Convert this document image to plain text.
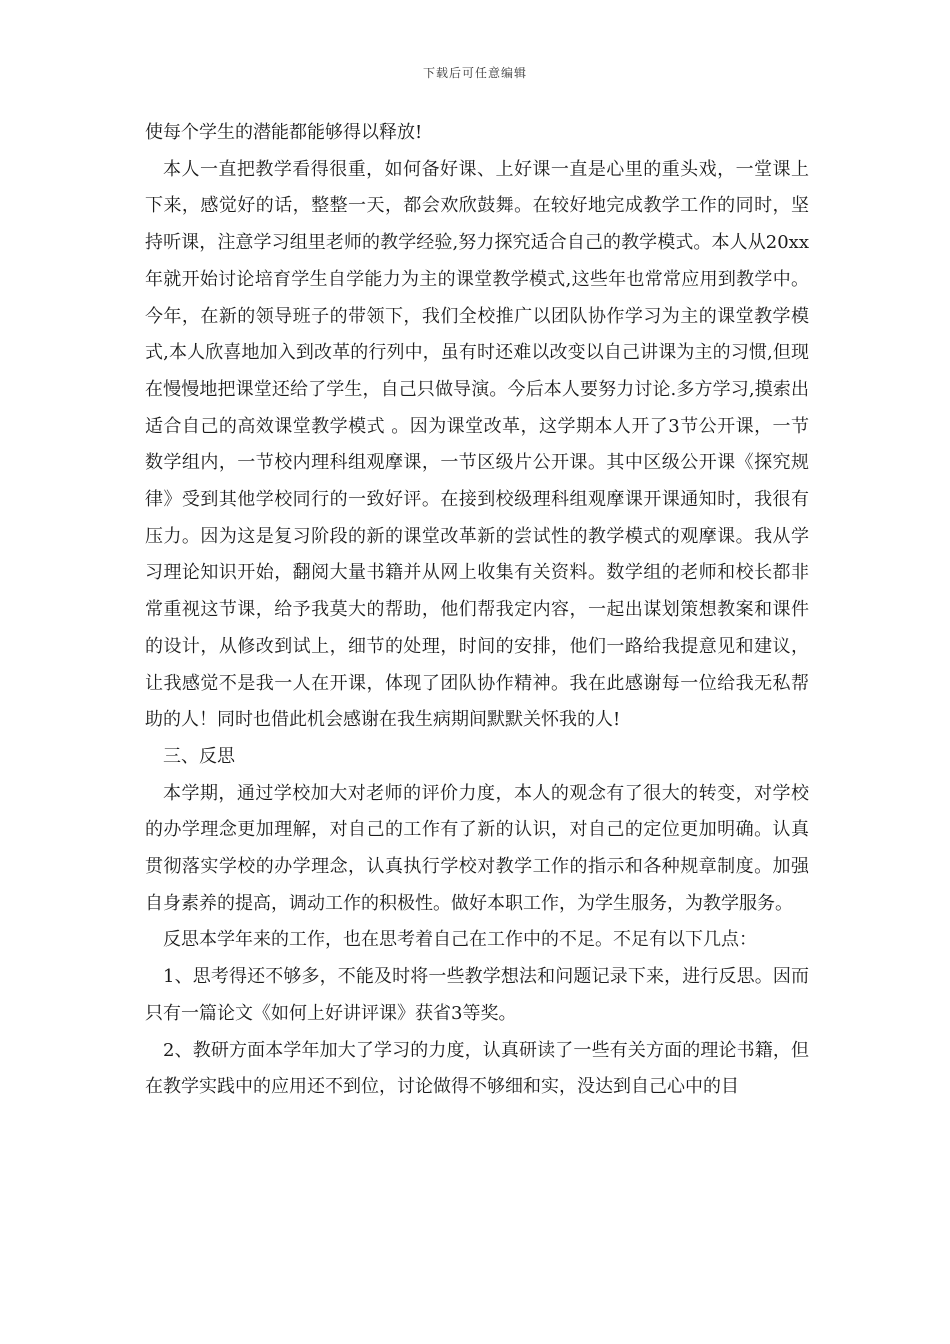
下载后可任意编辑

使每个学生的潜能都能够得以释放!

本人一直把教学看得很重，如何备好课、上好课一直是心里的重头戏，一堂课上下来，感觉好的话，整整一天，都会欢欣鼓舞。在较好地完成教学工作的同时，坚持听课，注意学习组里老师的教学经验,努力探究适合自己的教学模式。本人从20xx年就开始讨论培育学生自学能力为主的课堂教学模式,这些年也常常应用到教学中。 今年，在新的领导班子的带领下，我们全校推广以团队协作学习为主的课堂教学模式,本人欣喜地加入到改革的行列中，虽有时还难以改变以自己讲课为主的习惯,但现在慢慢地把课堂还给了学生，自己只做导演。今后本人要努力讨论.多方学习,摸索出适合自己的高效课堂教学模式 。因为课堂改革，这学期本人开了3节公开课，一节数学组内，一节校内理科组观摩课，一节区级片公开课。其中区级公开课《探究规律》受到其他学校同行的一致好评。在接到校级理科组观摩课开课通知时，我很有压力。因为这是复习阶段的新的课堂改革新的尝试性的教学模式的观摩课。我从学习理论知识开始，翻阅大量书籍并从网上收集有关资料。数学组的老师和校长都非常重视这节课，给予我莫大的帮助，他们帮我定内容，一起出谋划策想教案和课件的设计，从修改到试上，细节的处理，时间的安排，他们一路给我提意见和建议，让我感觉不是我一人在开课，体现了团队协作精神。我在此感谢每一位给我无私帮助的人！同时也借此机会感谢在我生病期间默默关怀我的人!

三、反思

本学期，通过学校加大对老师的评价力度，本人的观念有了很大的转变，对学校的办学理念更加理解，对自己的工作有了新的认识，对自己的定位更加明确。认真贯彻落实学校的办学理念，认真执行学校对教学工作的指示和各种规章制度。加强自身素养的提高，调动工作的积极性。做好本职工作，为学生服务，为教学服务。

反思本学年来的工作，也在思考着自己在工作中的不足。不足有以下几点：

1、思考得还不够多，不能及时将一些教学想法和问题记录下来，进行反思。因而只有一篇论文《如何上好讲评课》获省3等奖。

2、教研方面本学年加大了学习的力度，认真研读了一些有关方面的理论书籍，但在教学实践中的应用还不到位，讨论做得不够细和实，没达到自己心中的目
